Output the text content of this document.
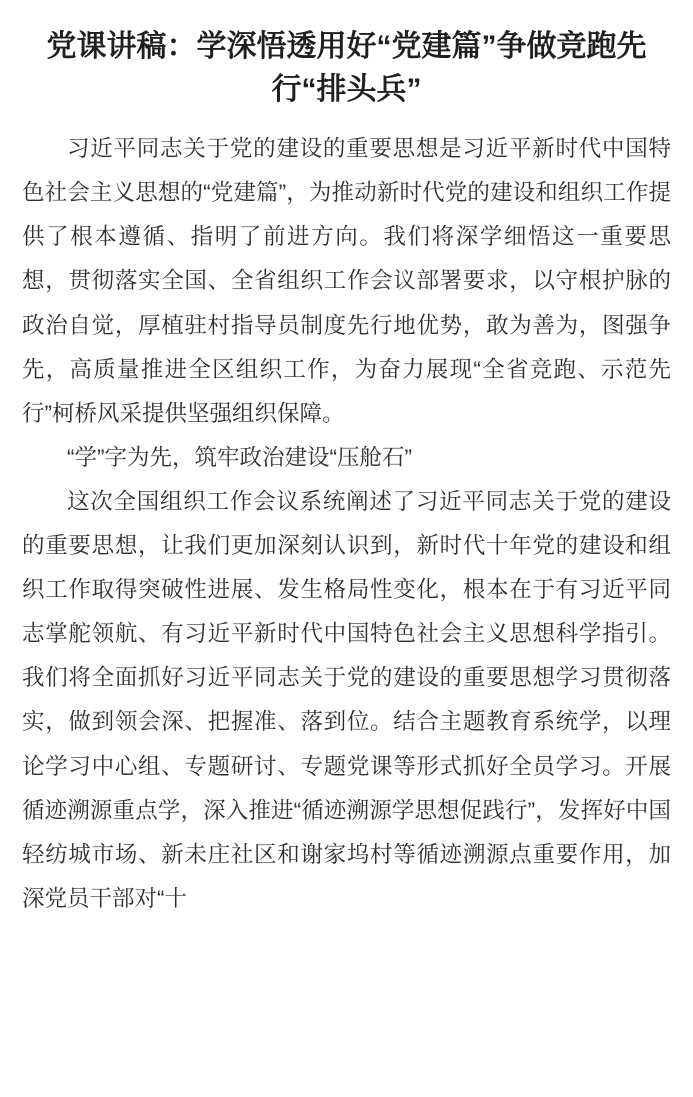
党课讲稿：学深悟透用好“党建篇”争做竞跑先行“排头兵”

习近平同志关于党的建设的重要思想是习近平新时代中国特色社会主义思想的“党建篇”，为推动新时代党的建设和组织工作提供了根本遵循、指明了前进方向。我们将深学细悟这一重要思想，贯彻落实全国、全省组织工作会议部署要求，以守根护脉的政治自觉，厚植驻村指导员制度先行地优势，敢为善为，图强争先，高质量推进全区组织工作，为奋力展现“全省竞跑、示范先行”柯桥风采提供坚强组织保障。

“学”字为先，筑牢政治建设“压舱石”

这次全国组织工作会议系统阐述了习近平同志关于党的建设的重要思想，让我们更加深刻认识到，新时代十年党的建设和组织工作取得突破性进展、发生格局性变化，根本在于有习近平同志掌舵领航、有习近平新时代中国特色社会主义思想科学指引。我们将全面抓好习近平同志关于党的建设的重要思想学习贯彻落实，做到领会深、把握准、落到位。结合主题教育系统学，以理论学习中心组、专题研讨、专题党课等形式抓好全员学习。开展循迹溯源重点学，深入推进“循迹溯源学思想促践行”，发挥好中国轻纺城市场、新未庄社区和谢家坞村等循迹溯源点重要作用，加深党员干部对“十
